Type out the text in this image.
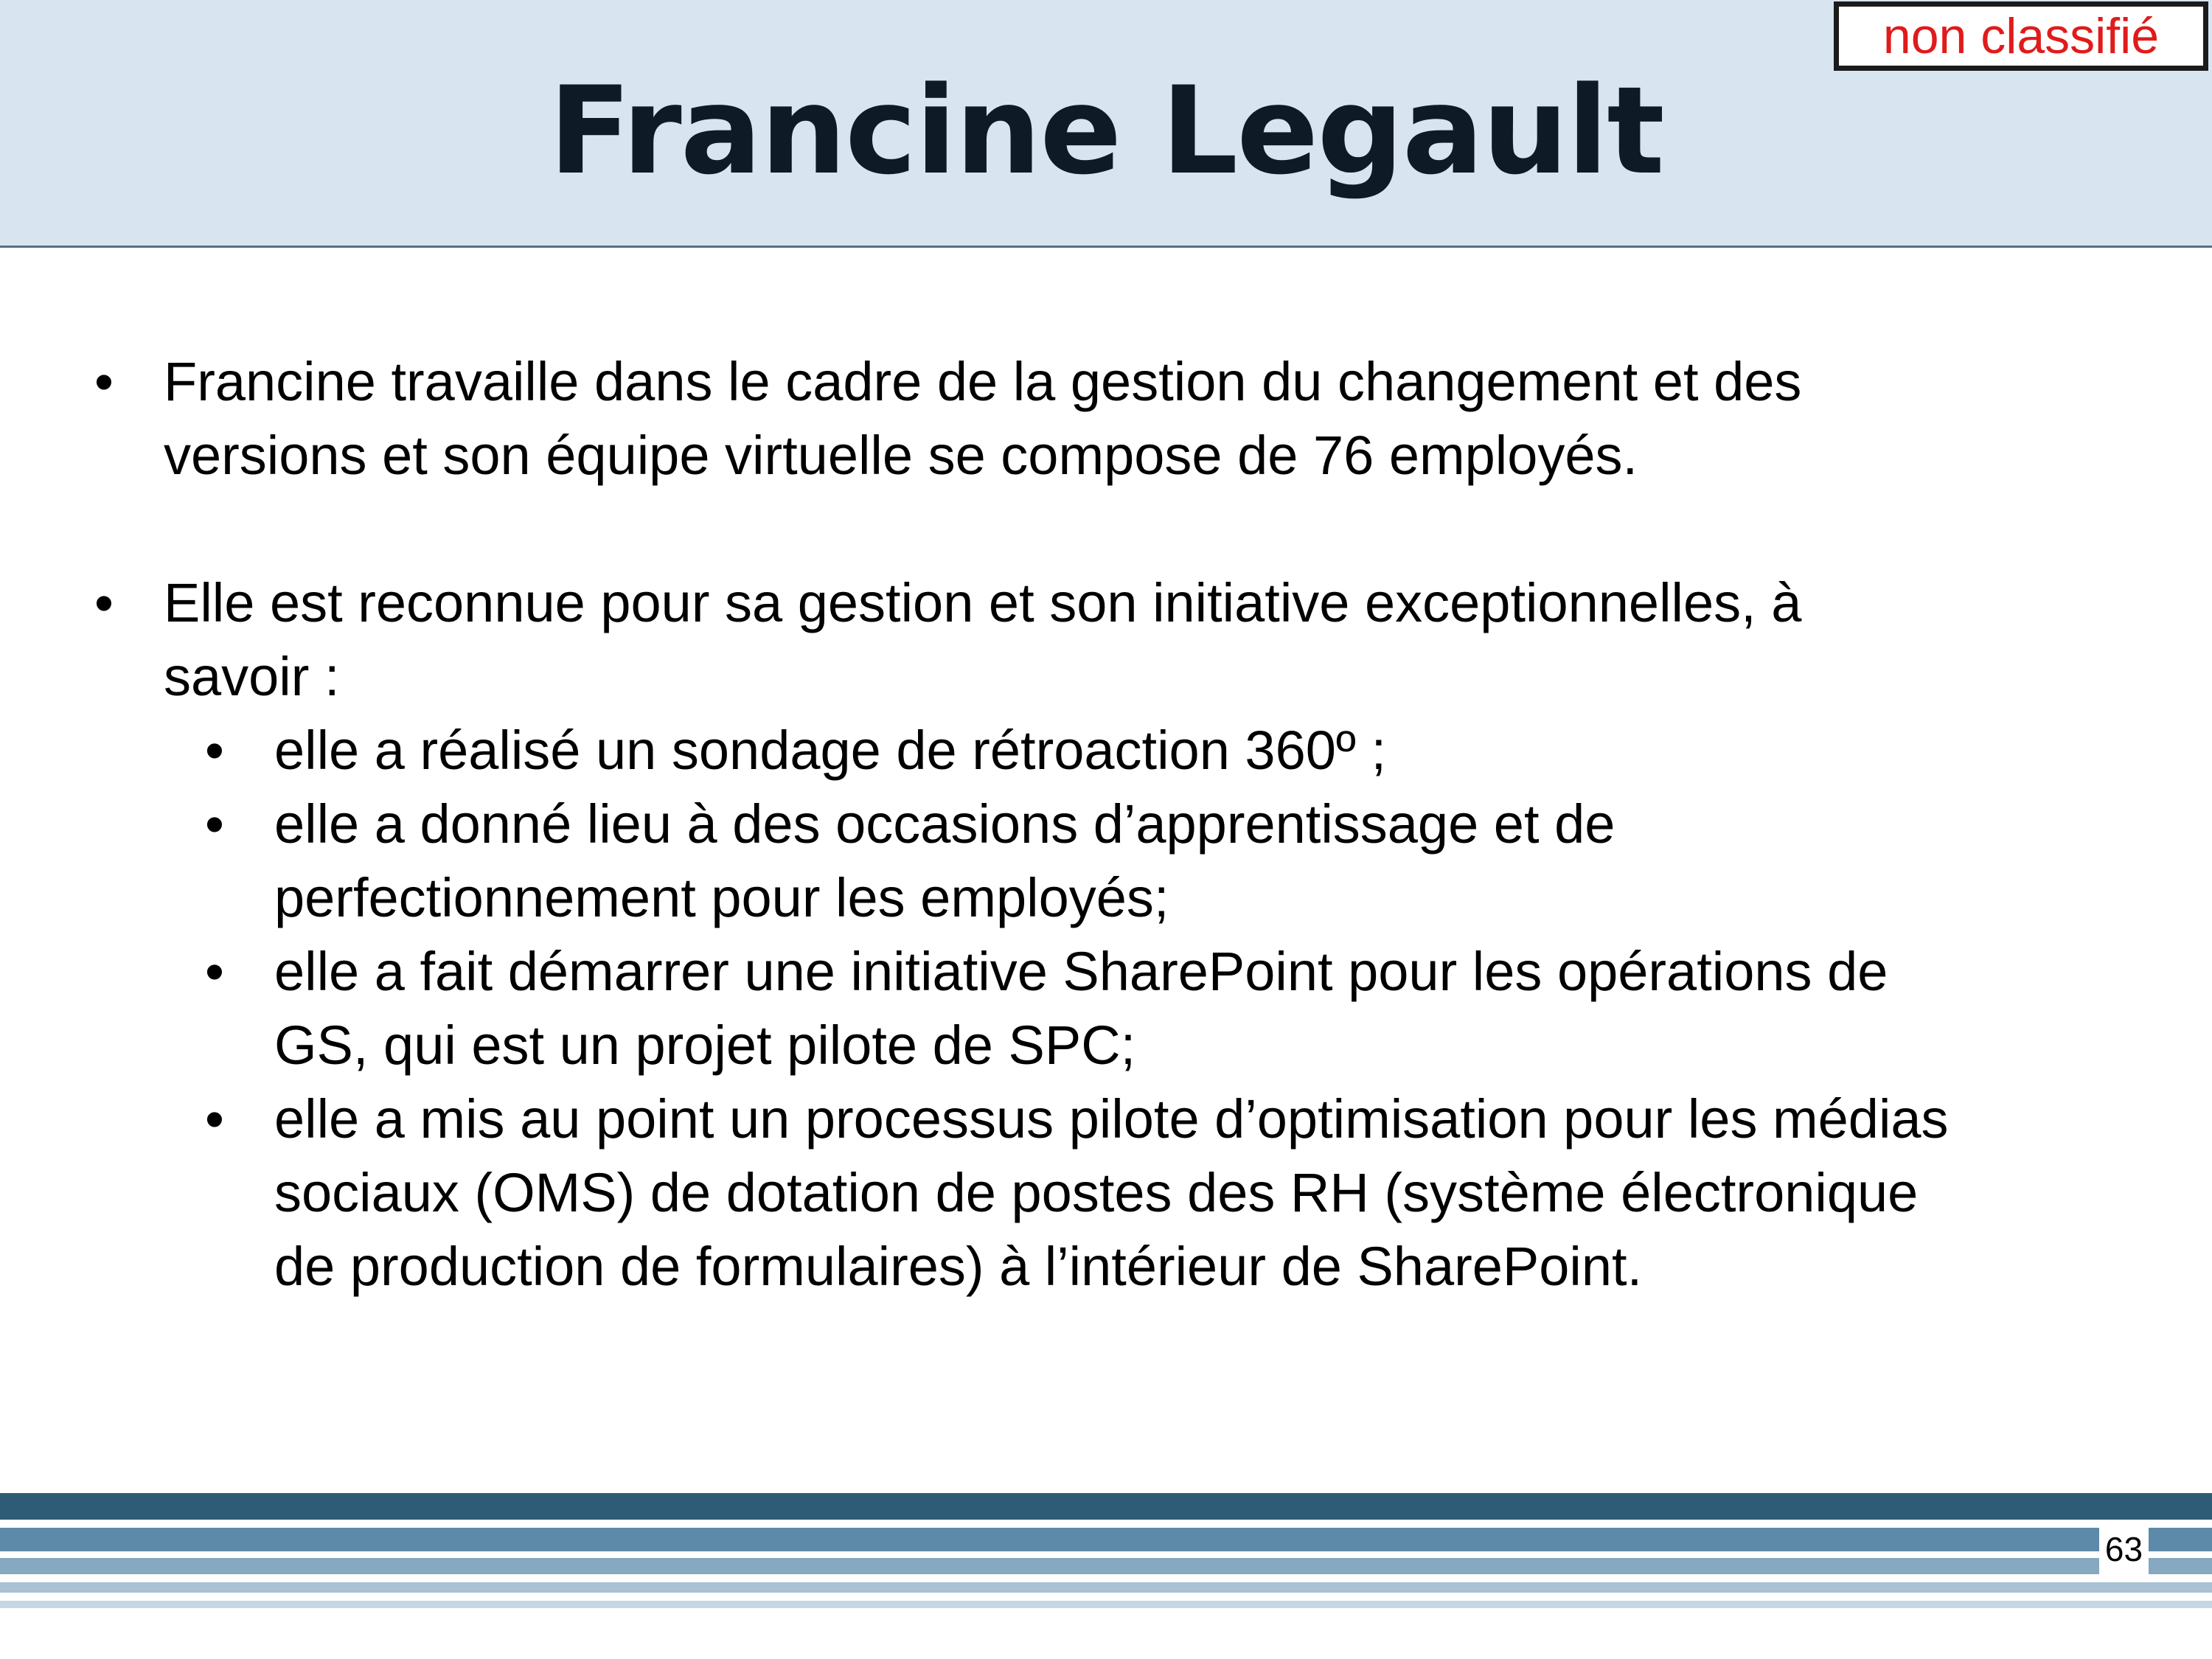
Francine Legault
non classifié
• Francine travaille dans le cadre de la gestion du changement et des
versions et son équipe virtuelle se compose de 76 employés.
• Elle est reconnue pour sa gestion et son initiative exceptionnelles, à
savoir :
• elle a réalisé un sondage de rétroaction 360º ;
• elle a donné lieu à des occasions d’apprentissage et de
perfectionnement pour les employés;
• elle a fait démarrer une initiative SharePoint pour les opérations de
GS, qui est un projet pilote de SPC;
• elle a mis au point un processus pilote d’optimisation pour les médias
sociaux (OMS) de dotation de postes des RH (système électronique
de production de formulaires) à l’intérieur de SharePoint.
63
